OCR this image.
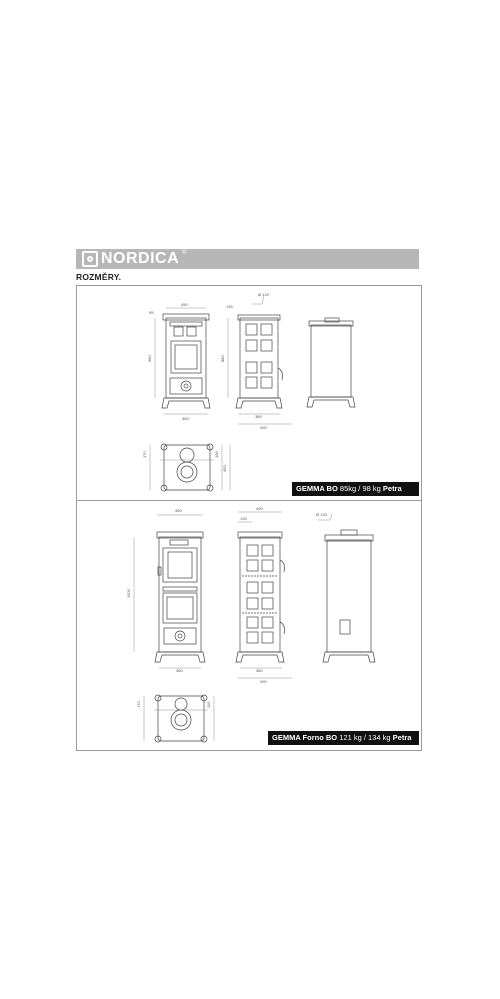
NORDICA ®
ROZMĚRY.
450
95
980
360
135
Ø 120
880
380
490
170	100
450
450
1500
360
490
135
Ø 120
380
490
170	110
GEMMA BO 85kg / 98 kg Petra
GEMMA Forno BO 121 kg / 134 kg Petra
